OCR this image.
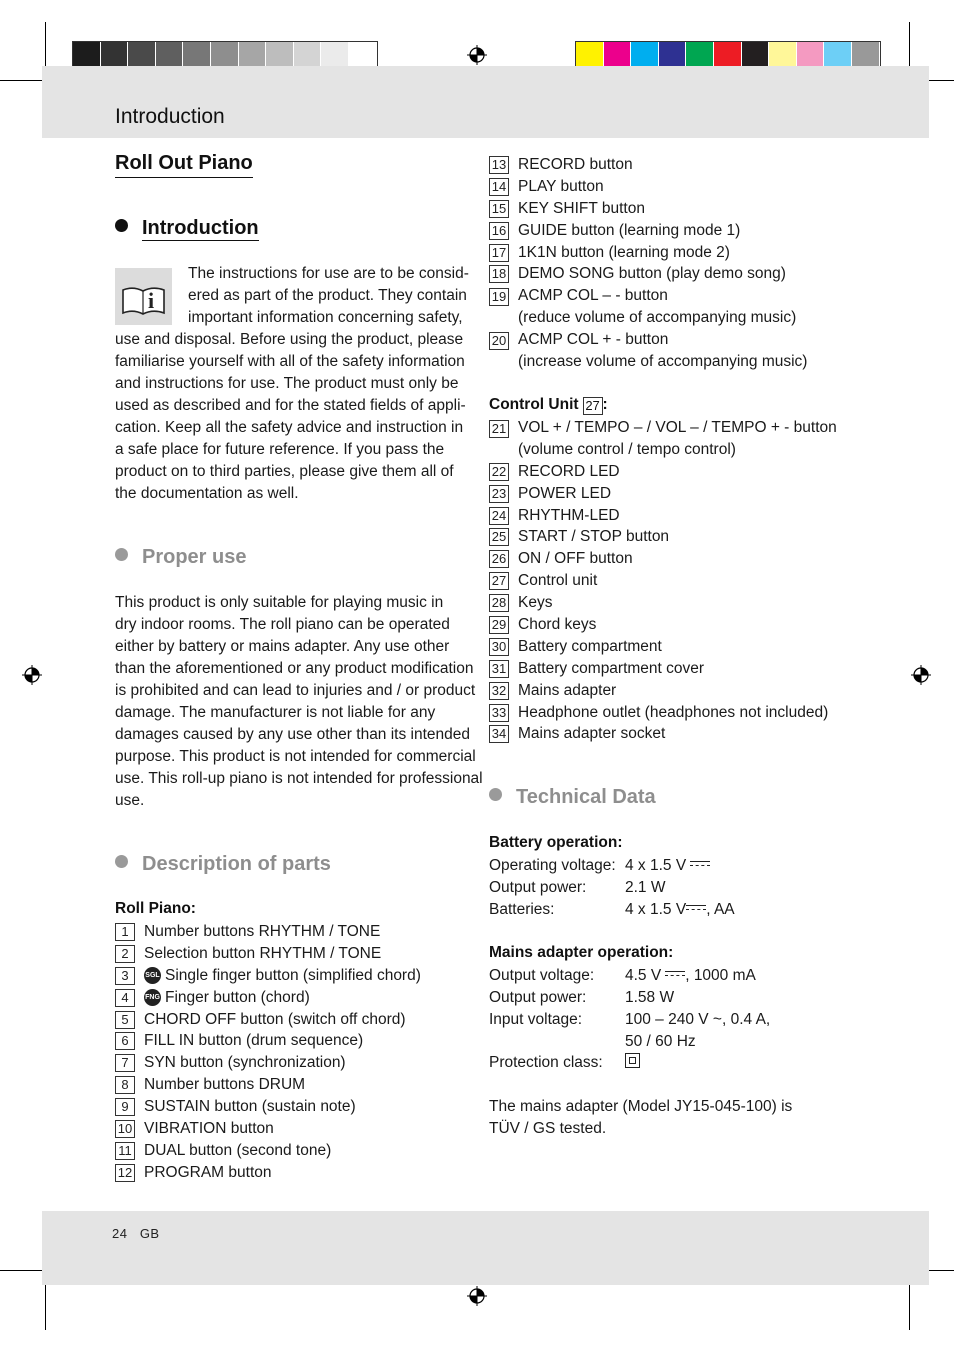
Introduction
Roll Out Piano
Introduction
i
The instructions for use are to be consid-
ered as part of the product. They contain
important information concerning safety,
use and disposal. Before using the product, please
familiarise yourself with all of the safety information
and instructions for use. The product must only be
used as described and for the stated fields of appli-
cation. Keep all the safety advice and instruction in
a safe place for future reference. If you pass the
product on to third parties, please give them all of
the documentation as well.
Proper use
This product is only suitable for playing music in
dry indoor rooms. The roll piano can be operated
either by battery or mains adapter. Any use other
than the aforementioned or any product modification
is prohibited and can lead to injuries and / or product
damage. The manufacturer is not liable for any
damages caused by any use other than its intended
purpose. This product is not intended for commercial
use. This roll-up piano is not intended for professional
use.
Description of parts
Roll Piano:
1 Number buttons RHYTHM / TONE
2 Selection button RHYTHM / TONE
3	SGL Single finger button (simplified chord)
4	FNG Finger button (chord)
5 CHORD OFF button (switch off chord)
6 FILL IN button (drum sequence)
7 SYN button (synchronization)
8 Number buttons DRUM
9 SUSTAIN button (sustain note)
10 VIBRATION button
11 DUAL button (second tone)
12 PROGRAM button
13 RECORD button
14 PLAY button
15 KEY SHIFT button
16 GUIDE button (learning mode 1)
17 1K1N button (learning mode 2)
18 DEMO SONG button (play demo song)
19 ACMP COL – - button
(reduce volume of accompanying music)
20 ACMP COL + - button
(increase volume of accompanying music)
Control Unit 27 :
21 VOL + / TEMPO – / VOL – / TEMPO + - button
(volume control / tempo control)
22 RECORD LED
23 POWER LED
24 RHYTHM-LED
25 START / STOP button
26 ON / OFF button
27 Control unit
28 Keys
29 Chord keys
30 Battery compartment
31 Battery compartment cover
32 Mains adapter
33 Headphone outlet (headphones not included)
34 Mains adapter socket
Technical Data
Battery operation:
Operating voltage: 4 x 1.5 V
Output power: 2.1 W
Batteries:	4 x 1.5 V , AA
Mains adapter operation:
Output voltage: 4.5 V , 1000 mA
Output power: 1.58 W
Input voltage:	100 – 240 V ~, 0.4 A,
50 / 60 Hz
Protection class:
The mains adapter (Model JY15-045-100) is
TÜV / GS tested.
24 GB
